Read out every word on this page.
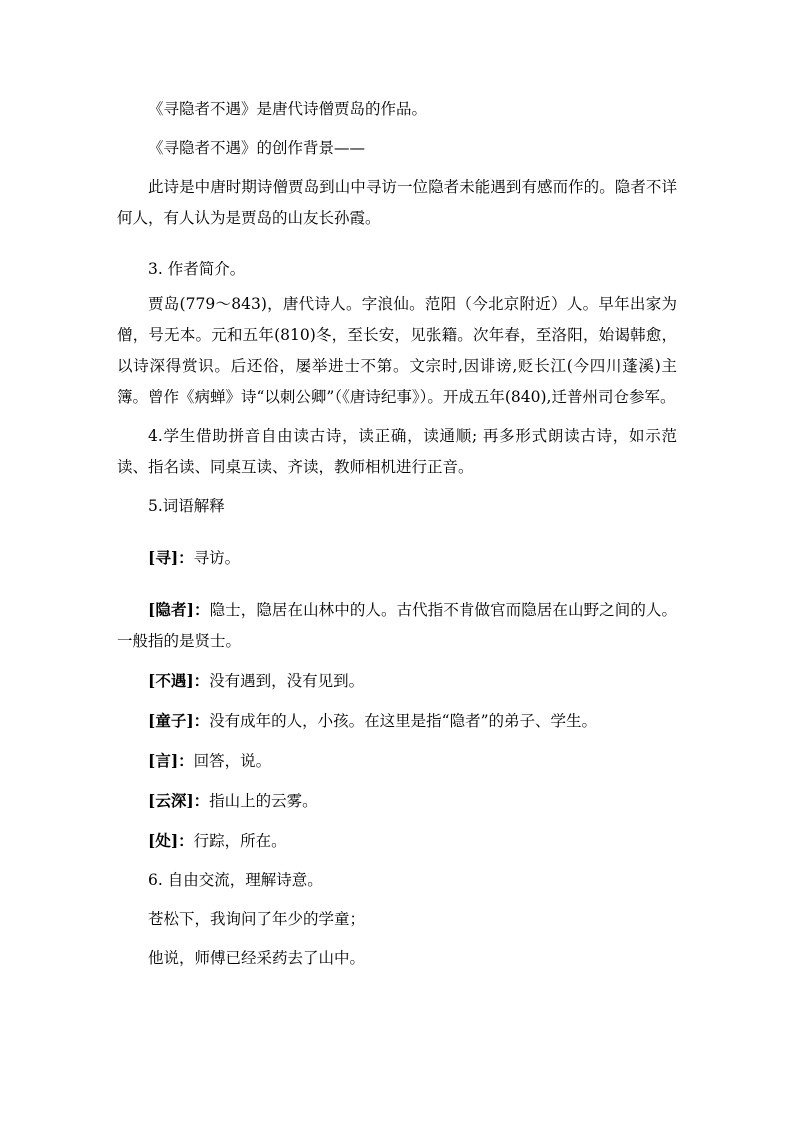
《寻隐者不遇》是唐代诗僧贾岛的作品。

《寻隐者不遇》的创作背景——

此诗是中唐时期诗僧贾岛到山中寻访一位隐者未能遇到有感而作的。隐者不详何人，有人认为是贾岛的山友长孙霞。

3. 作者简介。

贾岛(779～843)，唐代诗人。字浪仙。范阳（今北京附近）人。早年出家为僧，号无本。元和五年(810)冬，至长安，见张籍。次年春，至洛阳，始谒韩愈，以诗深得赏识。后还俗，屡举进士不第。文宗时,因诽谤,贬长江(今四川蓬溪)主簿。曾作《病蝉》诗“以刺公卿”（《唐诗纪事》）。开成五年(840),迁普州司仓参军。

4.学生借助拼音自由读古诗，读正确，读通顺; 再多形式朗读古诗，如示范读、指名读、同桌互读、齐读，教师相机进行正音。

5.词语解释

[寻]：寻访。

[隐者]：隐士，隐居在山林中的人。古代指不肯做官而隐居在山野之间的人。一般指的是贤士。

[不遇]：没有遇到，没有见到。

[童子]：没有成年的人，小孩。在这里是指“隐者”的弟子、学生。

[言]：回答，说。

[云深]：指山上的云雾。

[处]：行踪，所在。

6. 自由交流，理解诗意。

苍松下，我询问了年少的学童；

他说，师傅已经采药去了山中。
